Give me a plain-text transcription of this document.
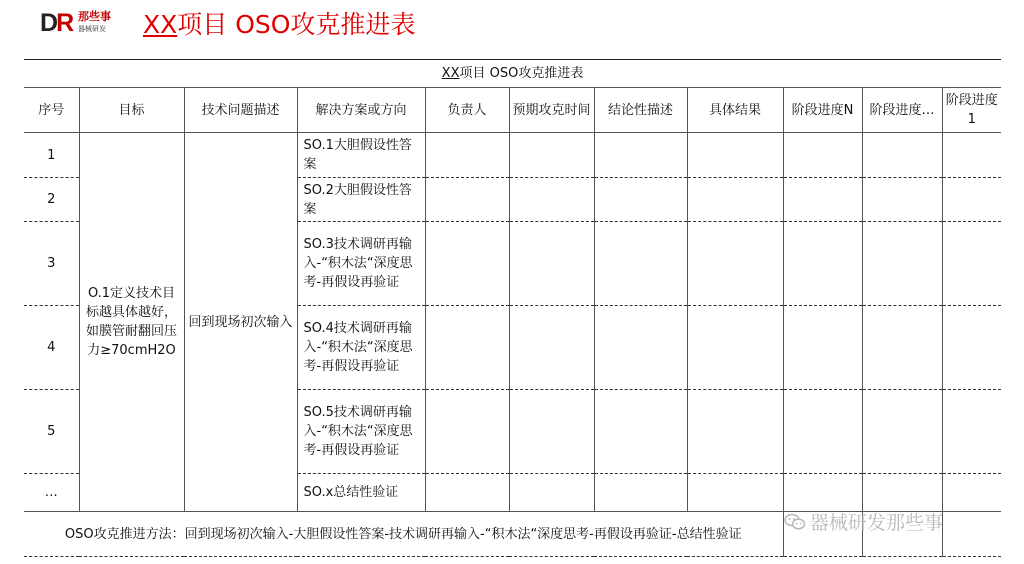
DR 那些事
器械研发 XX项目 OSO攻克推进表
XX项目 OSO攻克推进表										
序号	目标	技术问题描述	解决方案或方向	负责人	预期攻克时间	结论性描述	具体结果	阶段进度N	阶段进度…	阶段进度1
1	O.1定义技术目标越具体越好，如膜管耐翻回压力≥70cmH2O	回到现场初次输入	SO.1大胆假设性答案							
2			SO.2大胆假设性答案							
3			SO.3技术调研再输入-“积木法“深度思考-再假设再验证							
4			SO.4技术调研再输入-“积木法“深度思考-再假设再验证							
5			SO.5技术调研再输入-“积木法“深度思考-再假设再验证							
…			SO.x总结性验证							
OSO攻克推进方法：回到现场初次输入-大胆假设性答案-技术调研再输入-“积木法“深度思考-再假设再验证-总结性验证											器械研发那些事
